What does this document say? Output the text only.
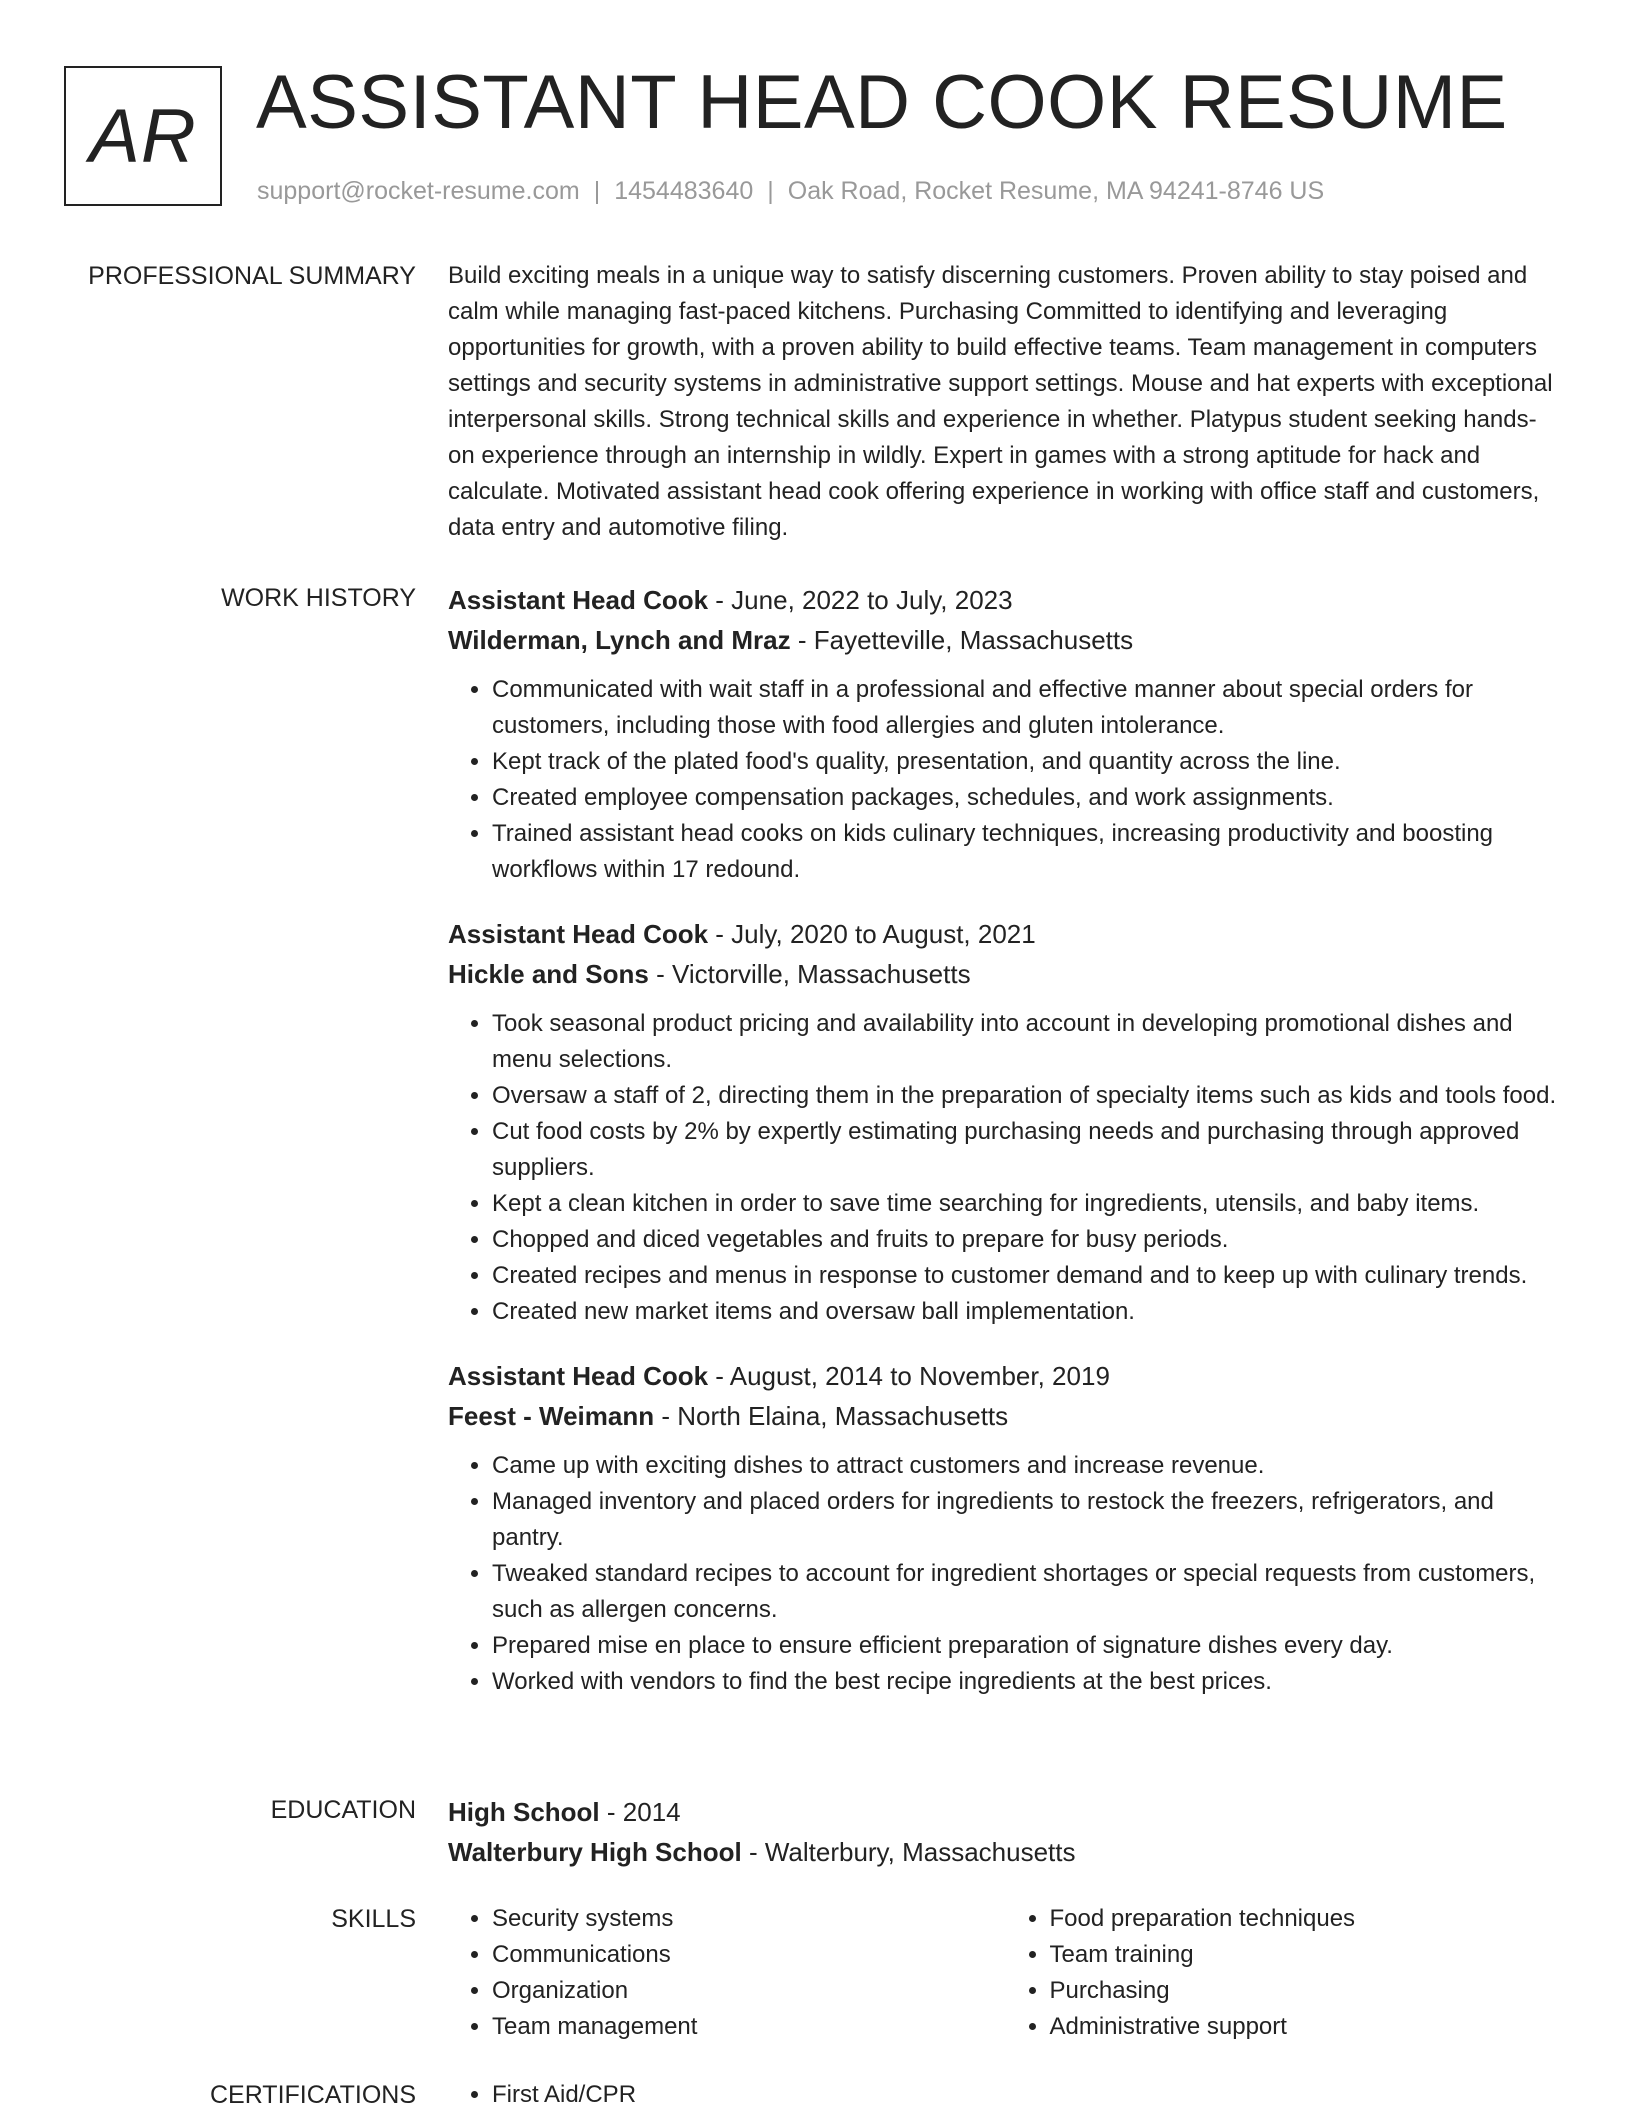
AR ASSISTANT HEAD COOK RESUME
support@rocket-resume.com | 1454483640 | Oak Road, Rocket Resume, MA 94241-8746 US
PROFESSIONAL SUMMARY Build exciting meals in a unique way to satisfy discerning customers. Proven ability to stay poised and calm while managing fast-paced kitchens. Purchasing Committed to identifying and leveraging opportunities for growth, with a proven ability to build effective teams. Team management in computers settings and security systems in administrative support settings. Mouse and hat experts with exceptional interpersonal skills. Strong technical skills and experience in whether. Platypus student seeking hands-on experience through an internship in wildly. Expert in games with a strong aptitude for hack and calculate. Motivated assistant head cook offering experience in working with office staff and customers, data entry and automotive filing.

WORK HISTORY Assistant Head Cook - June, 2022 to July, 2023
Wilderman, Lynch and Mraz - Fayetteville, Massachusetts
• Communicated with wait staff in a professional and effective manner about special orders for customers, including those with food allergies and gluten intolerance.
• Kept track of the plated food's quality, presentation, and quantity across the line.
• Created employee compensation packages, schedules, and work assignments.
• Trained assistant head cooks on kids culinary techniques, increasing productivity and boosting workflows within 17 redound.
Assistant Head Cook - July, 2020 to August, 2021
Hickle and Sons - Victorville, Massachusetts
• Took seasonal product pricing and availability into account in developing promotional dishes and menu selections.
• Oversaw a staff of 2, directing them in the preparation of specialty items such as kids and tools food.
• Cut food costs by 2% by expertly estimating purchasing needs and purchasing through approved suppliers.
• Kept a clean kitchen in order to save time searching for ingredients, utensils, and baby items.
• Chopped and diced vegetables and fruits to prepare for busy periods.
• Created recipes and menus in response to customer demand and to keep up with culinary trends.
• Created new market items and oversaw ball implementation.
Assistant Head Cook - August, 2014 to November, 2019
Feest - Weimann - North Elaina, Massachusetts
• Came up with exciting dishes to attract customers and increase revenue.
• Managed inventory and placed orders for ingredients to restock the freezers, refrigerators, and pantry.
• Tweaked standard recipes to account for ingredient shortages or special requests from customers, such as allergen concerns.
• Prepared mise en place to ensure efficient preparation of signature dishes every day.
• Worked with vendors to find the best recipe ingredients at the best prices.
EDUCATION High School - 2014
Walterbury High School - Walterbury, Massachusetts
SKILLS	• Security systems
• Communications
• Organization
• Team management
• Food preparation techniques
• Team training
• Purchasing
• Administrative support
CERTIFICATIONS	• First Aid/CPR
